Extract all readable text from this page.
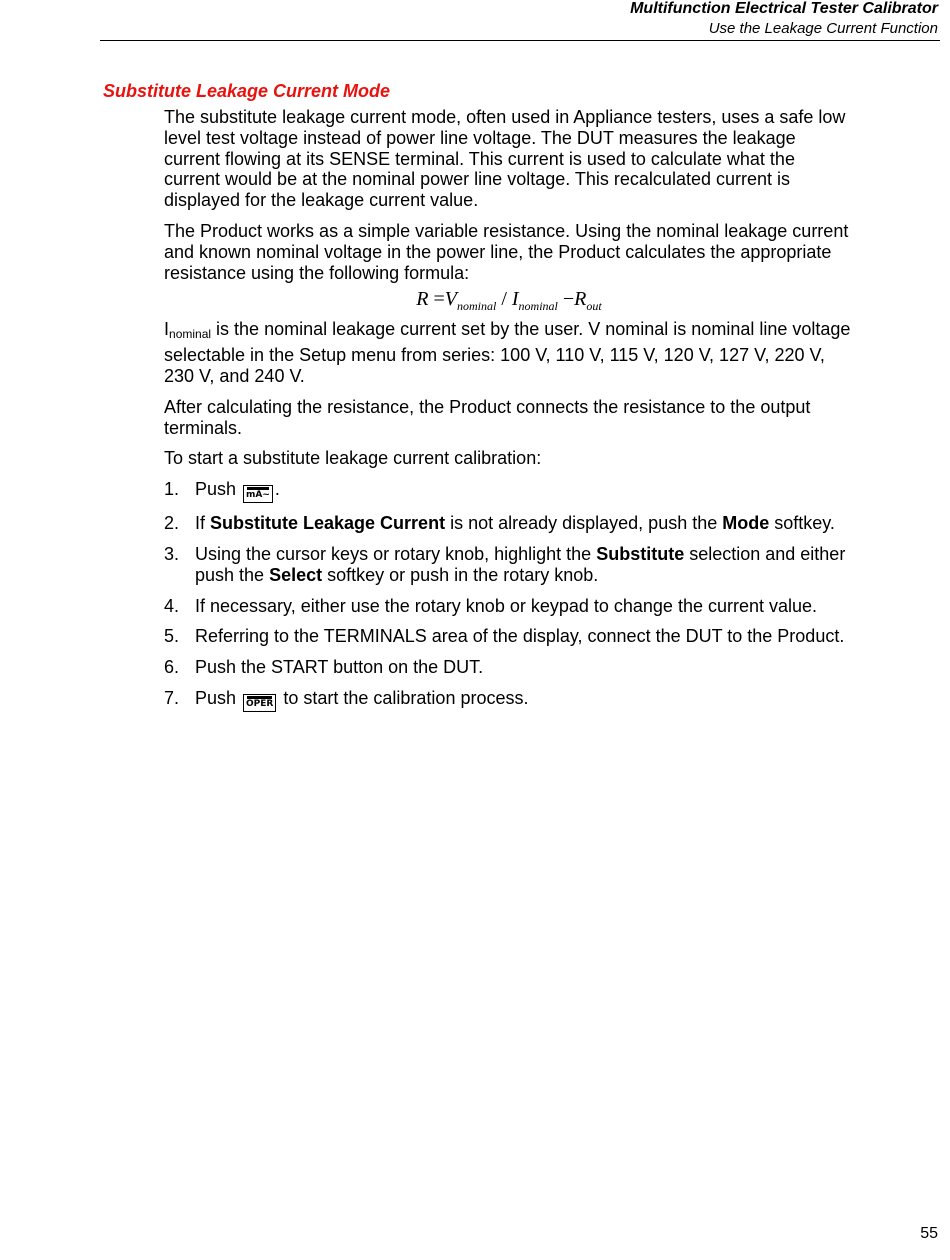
Multifunction Electrical Tester Calibrator
Use the Leakage Current Function
Substitute Leakage Current Mode

The substitute leakage current mode, often used in Appliance testers, uses a safe low level test voltage instead of power line voltage. The DUT measures the leakage current flowing at its SENSE terminal. This current is used to calculate what the current would be at the nominal power line voltage. This recalculated current is displayed for the leakage current value.

The Product works as a simple variable resistance. Using the nominal leakage current and known nominal voltage in the power line, the Product calculates the appropriate resistance using the following formula:

$R =V_{nominal} / I_{nominal} -R_{out}$

Inominal is the nominal leakage current set by the user. V nominal is nominal line voltage selectable in the Setup menu from series: 100 V, 110 V, 115 V, 120 V, 127 V, 220 V, 230 V, and 240 V.

After calculating the resistance, the Product connects the resistance to the output terminals.

To start a substitute leakage current calibration:

1. Push
mA~ .
2. If Substitute Leakage Current is not already displayed, push the Mode softkey.
3. Using the cursor keys or rotary knob, highlight the Substitute selection and either push the Select softkey or push in the rotary knob.
4. If necessary, either use the rotary knob or keypad to change the current value.
5. Referring to the TERMINALS area of the display, connect the DUT to the Product.
6. Push the START button on the DUT.
7. Push
OPER to start the calibration process.
55
